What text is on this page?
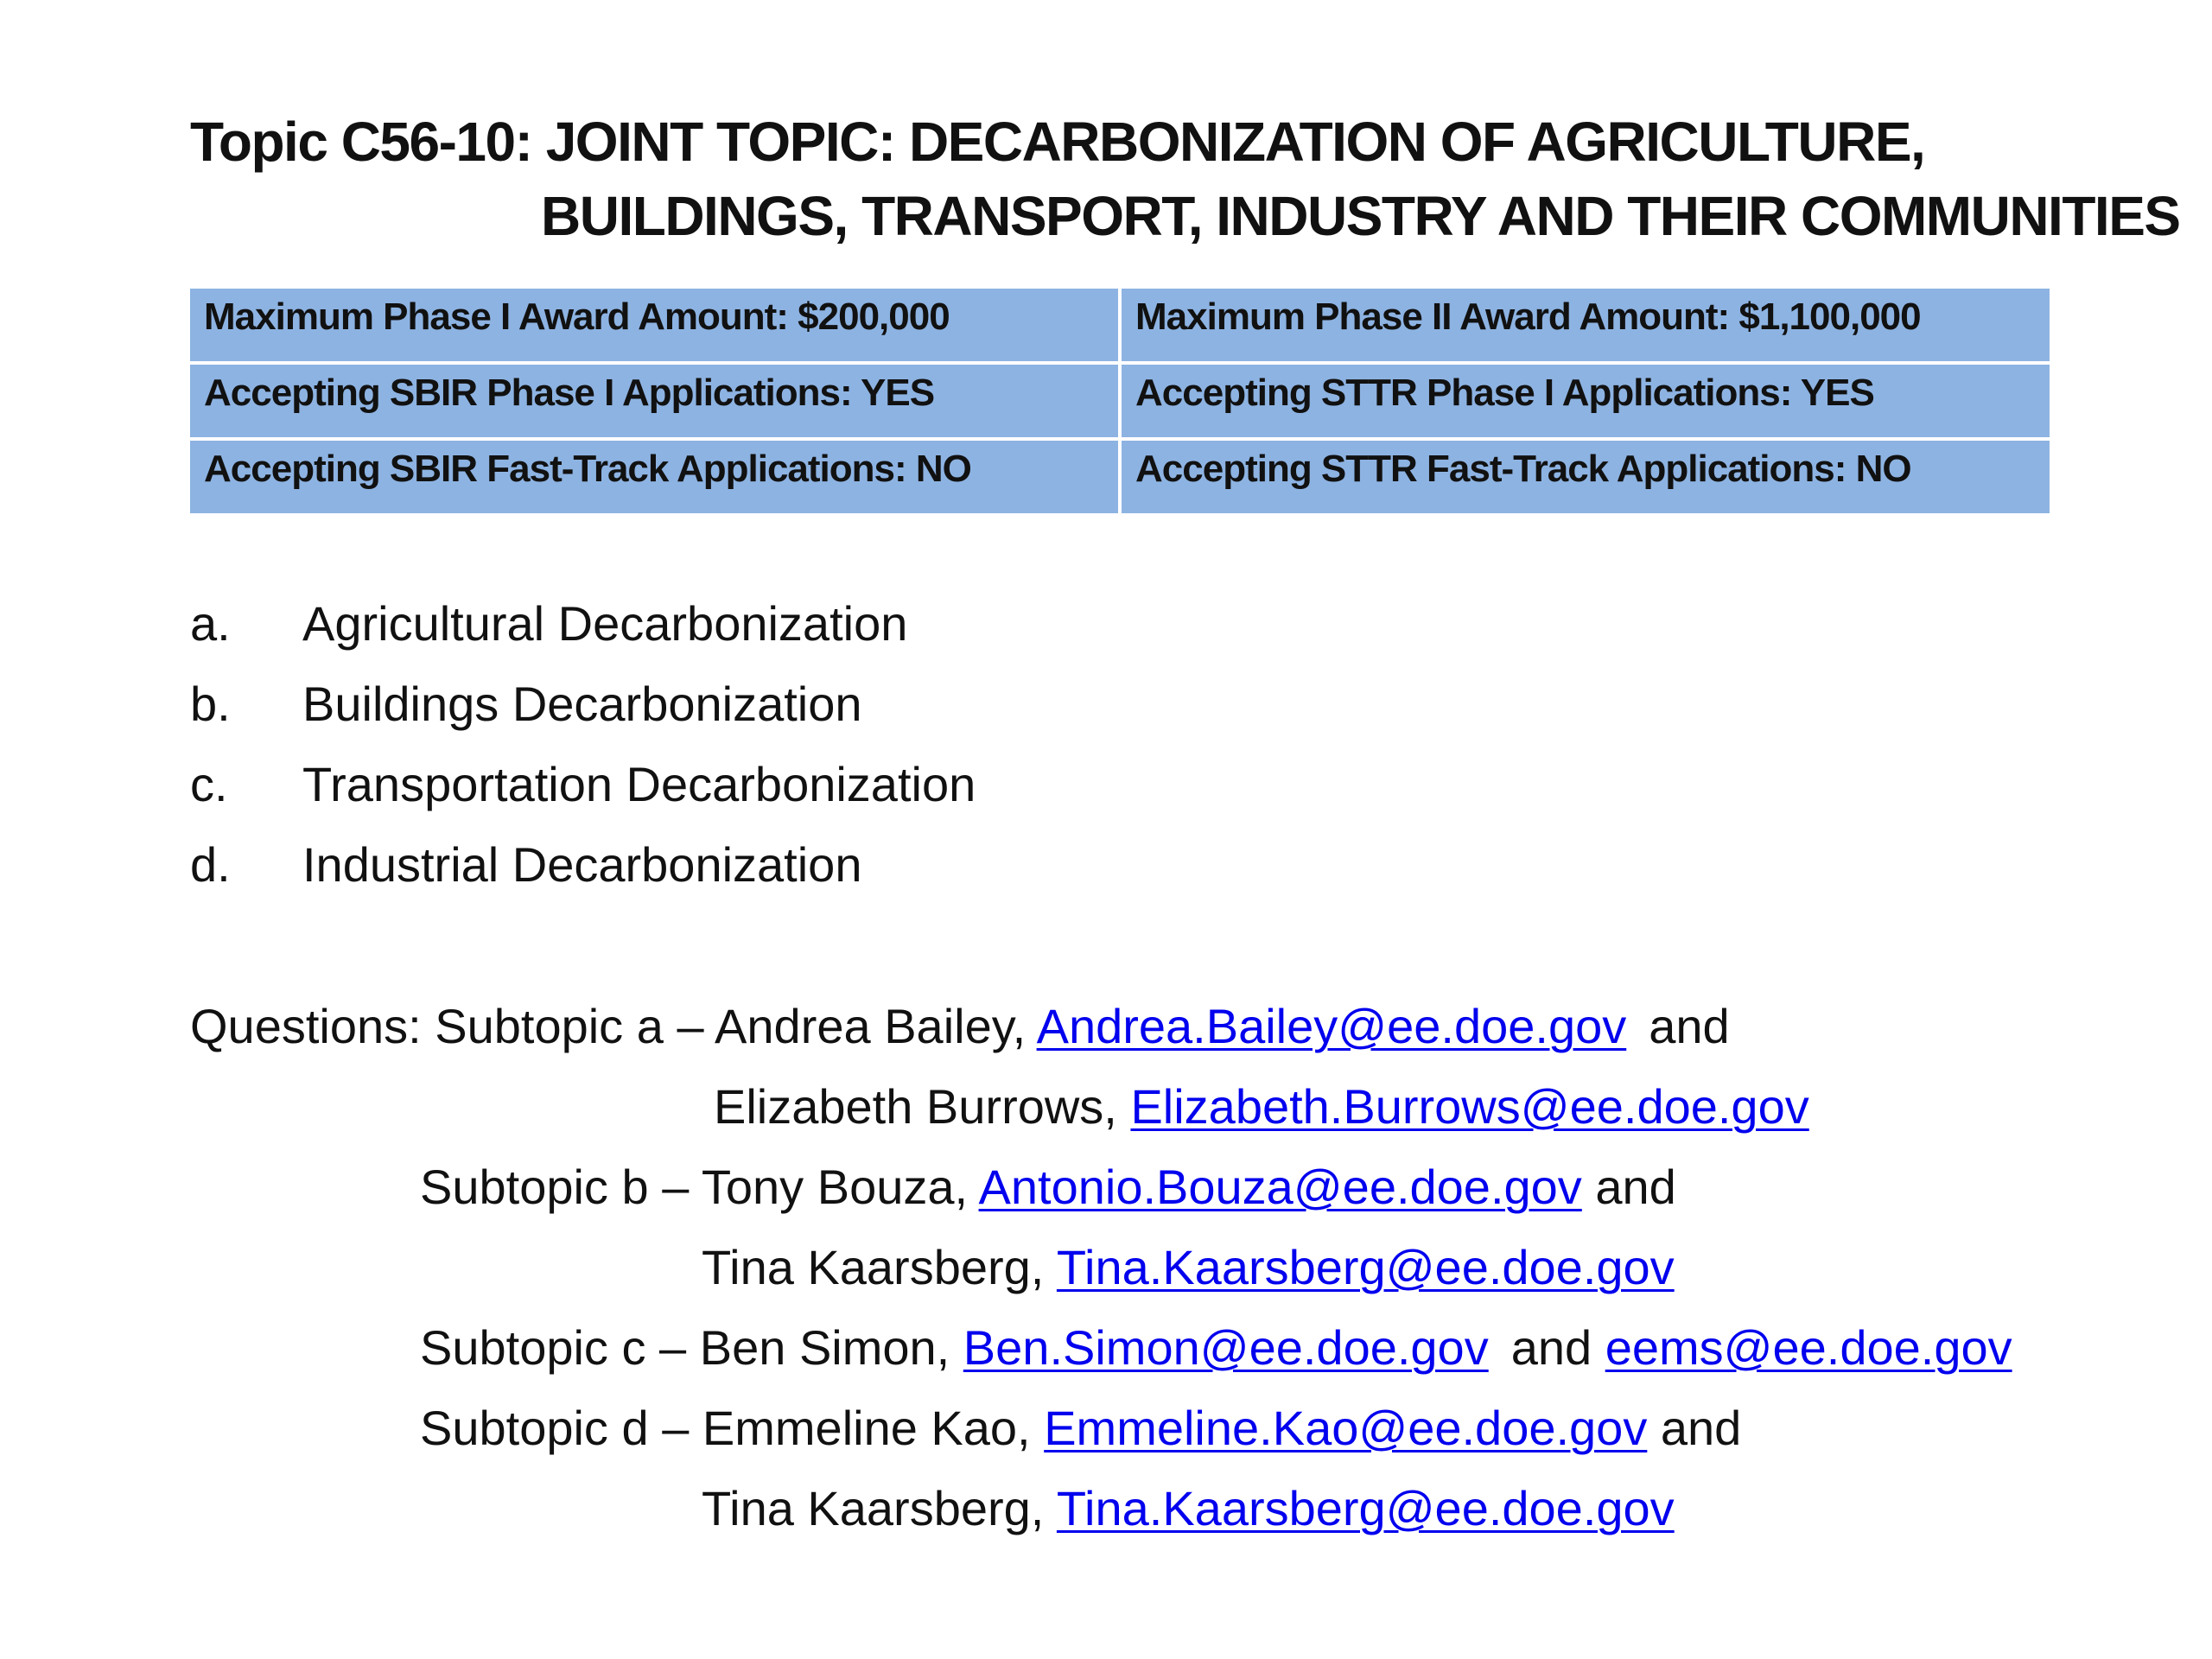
Topic C56-10: JOINT TOPIC: DECARBONIZATION OF AGRICULTURE,
BUILDINGS, TRANSPORT, INDUSTRY AND THEIR COMMUNITIES
Maximum Phase I Award Amount: $200,000	Maximum Phase II Award Amount: $1,100,000

Accepting SBIR Phase I Applications: YES	Accepting STTR Phase I Applications: YES

Accepting SBIR Fast-Track Applications: NO	Accepting STTR Fast-Track Applications: NO
a. Agricultural Decarbonization
b. Buildings Decarbonization
c. Transportation Decarbonization
d. Industrial Decarbonization
Questions: Subtopic a – Andrea Bailey, Andrea.Bailey@ee.doe.gov and
Elizabeth Burrows, Elizabeth.Burrows@ee.doe.gov
Subtopic b – Tony Bouza, Antonio.Bouza@ee.doe.gov and
Tina Kaarsberg, Tina.Kaarsberg@ee.doe.gov
Subtopic c – Ben Simon, Ben.Simon@ee.doe.gov and eems@ee.doe.gov
Subtopic d – Emmeline Kao, Emmeline.Kao@ee.doe.gov and
Tina Kaarsberg, Tina.Kaarsberg@ee.doe.gov
